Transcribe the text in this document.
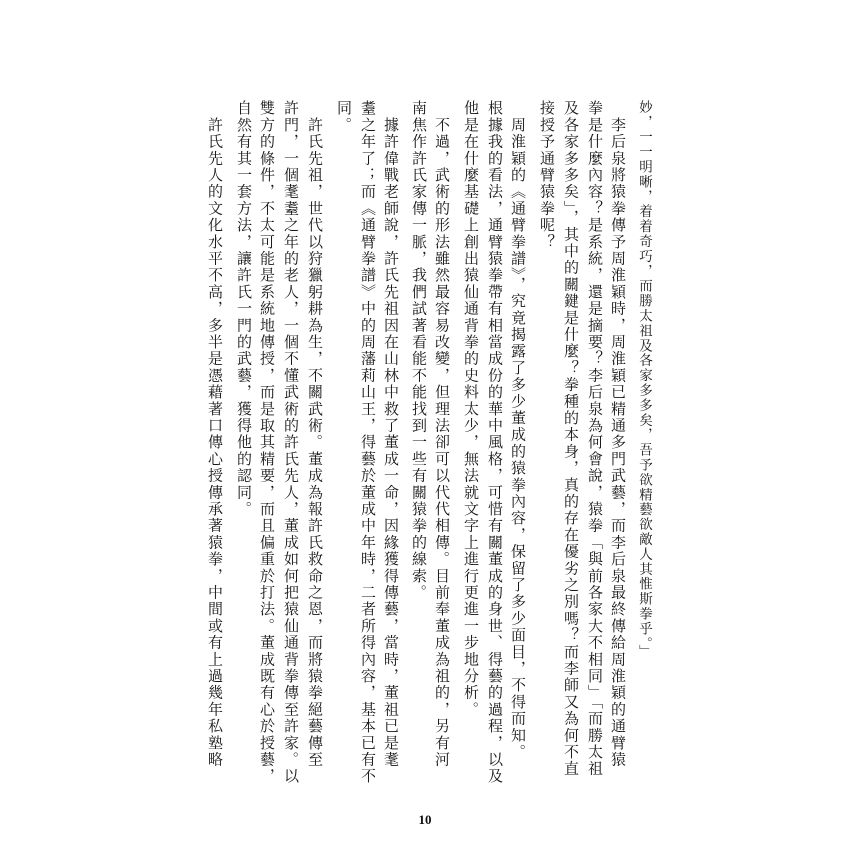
妙，一一明晰，着着奇巧，而勝太祖及各家多多矣，吾予欲精藝欲敵人其惟斯拳乎。」
　李后泉將猿拳傳予周淮穎時，周淮穎已精通多門武藝，而李后泉最終傳給周淮穎的通臂猿
拳是什麼內容？是系統，還是摘要？李后泉為何會說，猿拳「與前各家大不相同」「而勝太祖
及各家多多矣」，其中的關鍵是什麼？拳種的本身，真的存在優劣之別嗎？而李師又為何不直
接授予通臂猿拳呢？
　周淮穎的《通臂拳譜》，究竟揭露了多少董成的猿拳內容，保留了多少面目，不得而知。
根據我的看法，通臂猿拳帶有相當成份的華中風格，可惜有關董成的身世、得藝的過程，以及
他是在什麼基礎上創出猿仙通背拳的史料太少，無法就文字上進行更進一步地分析。
　不過，武術的形法雖然最容易改變，但理法卻可以代代相傳。目前奉董成為祖的，另有河
南焦作許氏家傳一脈，我們試著看能不能找到一些有關猿拳的線索。
　據許偉戰老師說，許氏先祖因在山林中救了董成一命，因緣獲得傳藝，當時，董祖已是耄
耋之年了；而《通臂拳譜》中的周藩莉山王，得藝於董成中年時，二者所得內容，基本已有不
同。
　許氏先祖，世代以狩獵躬耕為生，不關武術。董成為報許氏救命之恩，而將猿拳絕藝傳至
許門，一個耄耋之年的老人，一個不懂武術的許氏先人，董成如何把猿仙通背拳傳至許家。以
雙方的條件，不太可能是系統地傳授，而是取其精要，而且偏重於打法。董成既有心於授藝，
自然有其一套方法，讓許氏一門的武藝，獲得他的認同。
　許氏先人的文化水平不高，多半是憑藉著口傳心授傳承著猿拳，中間或有上過幾年私塾略
10
